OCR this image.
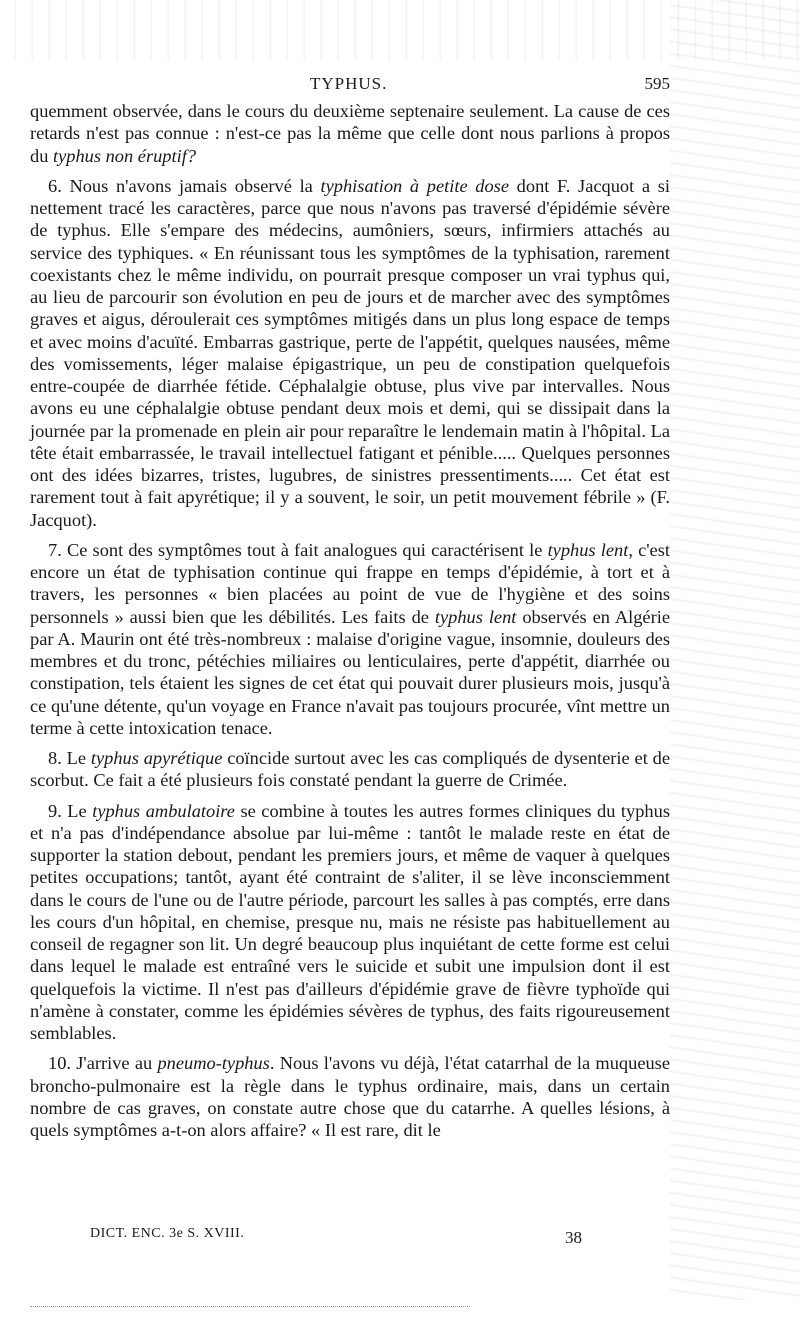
TYPHUS.	595

quemment observée, dans le cours du deuxième septenaire seulement. La cause de ces retards n'est pas connue : n'est-ce pas la même que celle dont nous parlions à propos du typhus non éruptif?

6. Nous n'avons jamais observé la typhisation à petite dose dont F. Jacquot a si nettement tracé les caractères, parce que nous n'avons pas traversé d'épidémie sévère de typhus. Elle s'empare des médecins, aumôniers, sœurs, infirmiers attachés au service des typhiques. « En réunissant tous les symptômes de la typhisation, rarement coexistants chez le même individu, on pourrait presque composer un vrai typhus qui, au lieu de parcourir son évolution en peu de jours et de marcher avec des symptômes graves et aigus, déroulerait ces symptômes mitigés dans un plus long espace de temps et avec moins d'acuïté. Embarras gastrique, perte de l'appétit, quelques nausées, même des vomissements, léger malaise épigastrique, un peu de constipation quelquefois entre-coupée de diarrhée fétide. Céphalalgie obtuse, plus vive par intervalles. Nous avons eu une céphalalgie obtuse pendant deux mois et demi, qui se dissipait dans la journée par la promenade en plein air pour reparaître le lendemain matin à l'hôpital. La tête était embarrassée, le travail intellectuel fatigant et pénible..... Quelques personnes ont des idées bizarres, tristes, lugubres, de sinistres pressentiments..... Cet état est rarement tout à fait apyrétique; il y a souvent, le soir, un petit mouvement fébrile » (F. Jacquot).

7. Ce sont des symptômes tout à fait analogues qui caractérisent le typhus lent, c'est encore un état de typhisation continue qui frappe en temps d'épidémie, à tort et à travers, les personnes « bien placées au point de vue de l'hygiène et des soins personnels » aussi bien que les débilités. Les faits de typhus lent observés en Algérie par A. Maurin ont été très-nombreux : malaise d'origine vague, insomnie, douleurs des membres et du tronc, pétéchies miliaires ou lenticulaires, perte d'appétit, diarrhée ou constipation, tels étaient les signes de cet état qui pouvait durer plusieurs mois, jusqu'à ce qu'une détente, qu'un voyage en France n'avait pas toujours procurée, vînt mettre un terme à cette intoxication tenace.

8. Le typhus apyrétique coïncide surtout avec les cas compliqués de dysenterie et de scorbut. Ce fait a été plusieurs fois constaté pendant la guerre de Crimée.

9. Le typhus ambulatoire se combine à toutes les autres formes cliniques du typhus et n'a pas d'indépendance absolue par lui-même : tantôt le malade reste en état de supporter la station debout, pendant les premiers jours, et même de vaquer à quelques petites occupations; tantôt, ayant été contraint de s'aliter, il se lève inconsciemment dans le cours de l'une ou de l'autre période, parcourt les salles à pas comptés, erre dans les cours d'un hôpital, en chemise, presque nu, mais ne résiste pas habituellement au conseil de regagner son lit. Un degré beaucoup plus inquiétant de cette forme est celui dans lequel le malade est entraîné vers le suicide et subit une impulsion dont il est quelquefois la victime. Il n'est pas d'ailleurs d'épidémie grave de fièvre typhoïde qui n'amène à constater, comme les épidémies sévères de typhus, des faits rigoureusement semblables.

10. J'arrive au pneumo-typhus. Nous l'avons vu déjà, l'état catarrhal de la muqueuse broncho-pulmonaire est la règle dans le typhus ordinaire, mais, dans un certain nombre de cas graves, on constate autre chose que du catarrhe. A quelles lésions, à quels symptômes a-t-on alors affaire? « Il est rare, dit le

DICT. ENC. 3e S. XVIII.	38
